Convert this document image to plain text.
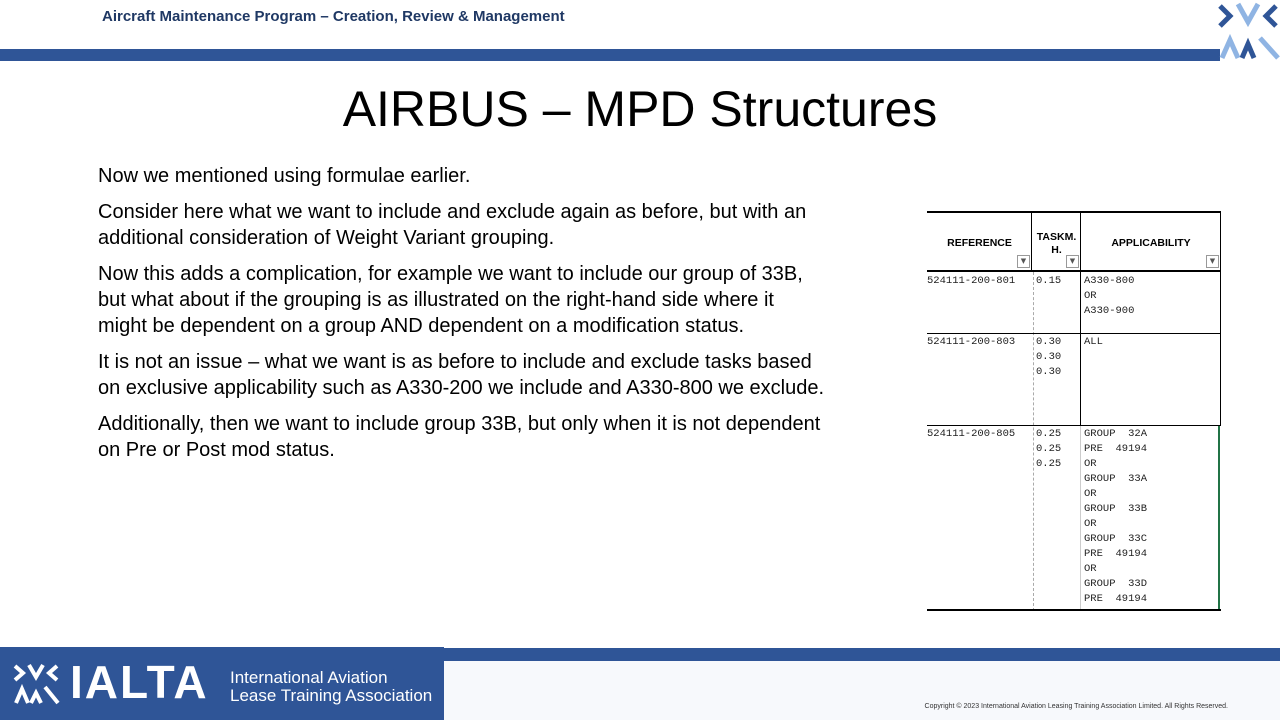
Aircraft Maintenance Program – Creation, Review & Management
AIRBUS – MPD Structures

Now we mentioned using formulae earlier.

Consider here what we want to include and exclude again as before, but with an additional consideration of Weight Variant grouping.

Now this adds a complication, for example we want to include our group of 33B, but what about if the grouping is as illustrated on the right-hand side where it might be dependent on a group AND dependent on a modification status.

It is not an issue – what we want is as before to include and exclude tasks based on exclusive applicability such as A330-200 we include and A330-800 we exclude.

Additionally, then we want to include group 33B, but only when it is not dependent on Pre or Post mod status.

REFERENCE
▼
TASKM.
H.
▼
APPLICABILITY
▼
524111-200-801 0.15 A330-800
OR
A330-900
524111-200-803 0.30
0.30
0.30
ALL
524111-200-805 0.25
0.25
0.25
GROUP  32A
PRE  49194
OR
GROUP  33A
OR
GROUP  33B
OR
GROUP  33C
PRE  49194
OR
GROUP  33D
PRE  49194
IALTA International Aviation
Lease Training Association
Copyright © 2023 International Aviation Leasing Training Association Limited. All Rights Reserved.
